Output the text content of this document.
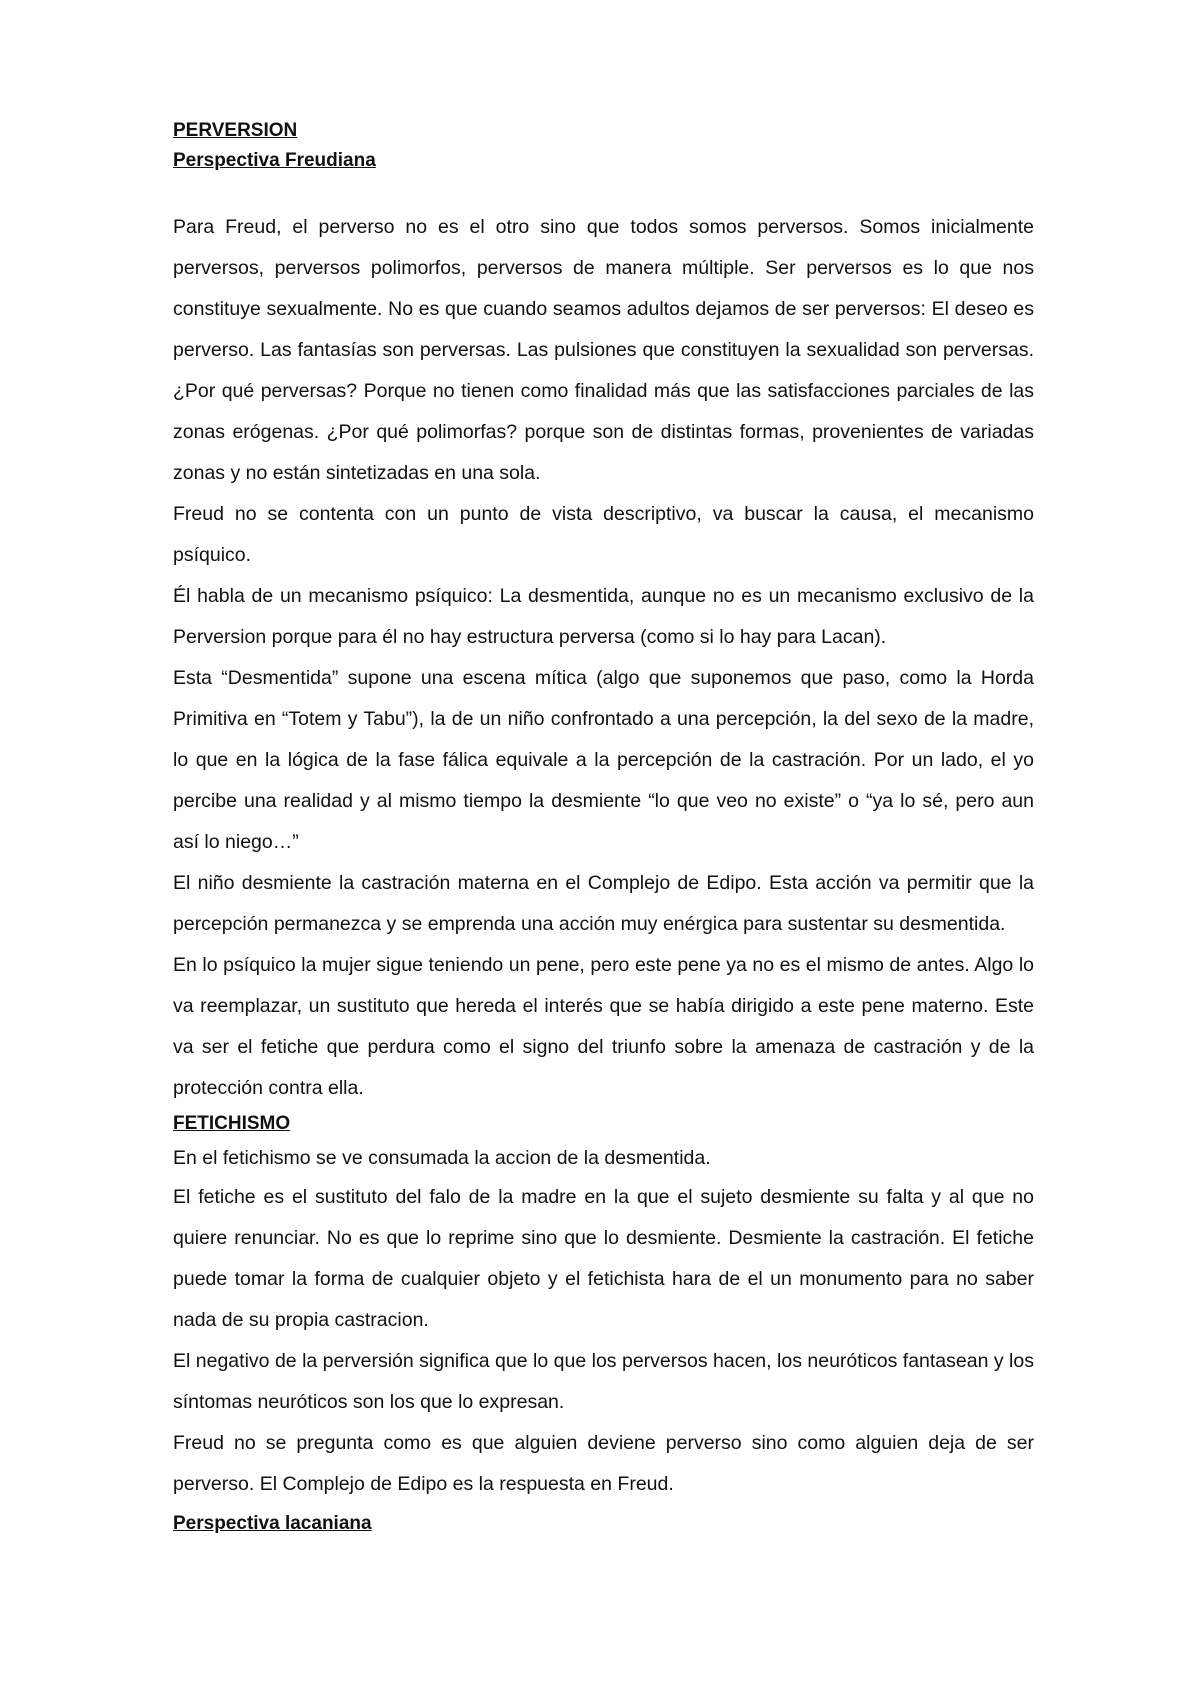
PERVERSION

Perspectiva Freudiana

Para Freud, el perverso no es el otro sino que todos somos perversos. Somos inicialmente perversos, perversos polimorfos, perversos de manera múltiple. Ser perversos es lo que nos constituye sexualmente. No es que cuando seamos adultos dejamos de ser perversos: El deseo es perverso. Las fantasías son perversas. Las pulsiones que constituyen la sexualidad son perversas. ¿Por qué perversas? Porque no tienen como finalidad más que las satisfacciones parciales de las zonas erógenas. ¿Por qué polimorfas? porque son de distintas formas, provenientes de variadas zonas y no están sintetizadas en una sola.

Freud no se contenta con un punto de vista descriptivo, va buscar la causa, el mecanismo psíquico.

Él habla de un mecanismo psíquico: La desmentida, aunque no es un mecanismo exclusivo de la Perversion porque para él no hay estructura perversa (como si lo hay para Lacan).

Esta “Desmentida” supone una escena mítica (algo que suponemos que paso, como la Horda Primitiva en “Totem y Tabu”), la de un niño confrontado a una percepción, la del sexo de la madre, lo que en la lógica de la fase fálica equivale a la percepción de la castración. Por un lado, el yo percibe una realidad y al mismo tiempo la desmiente “lo que veo no existe” o “ya lo sé, pero aun así lo niego…”

El niño desmiente la castración materna en el Complejo de Edipo. Esta acción va permitir que la percepción permanezca y se emprenda una acción muy enérgica para sustentar su desmentida.

En lo psíquico la mujer sigue teniendo un pene, pero este pene ya no es el mismo de antes. Algo lo va reemplazar, un sustituto que hereda el interés que se había dirigido a este pene materno. Este va ser el fetiche que perdura como el signo del triunfo sobre la amenaza de castración y de la protección contra ella.

FETICHISMO

En el fetichismo se ve consumada la accion de la desmentida.

El fetiche es el sustituto del falo de la madre en la que el sujeto desmiente su falta y al que no quiere renunciar. No es que lo reprime sino que lo desmiente. Desmiente la castración. El fetiche puede tomar la forma de cualquier objeto y el fetichista hara de el un monumento para no saber nada de su propia castracion.

El negativo de la perversión significa que lo que los perversos hacen, los neuróticos fantasean y los síntomas neuróticos son los que lo expresan.

Freud no se pregunta como es que alguien deviene perverso sino como alguien deja de ser perverso. El Complejo de Edipo es la respuesta en Freud.

Perspectiva lacaniana
